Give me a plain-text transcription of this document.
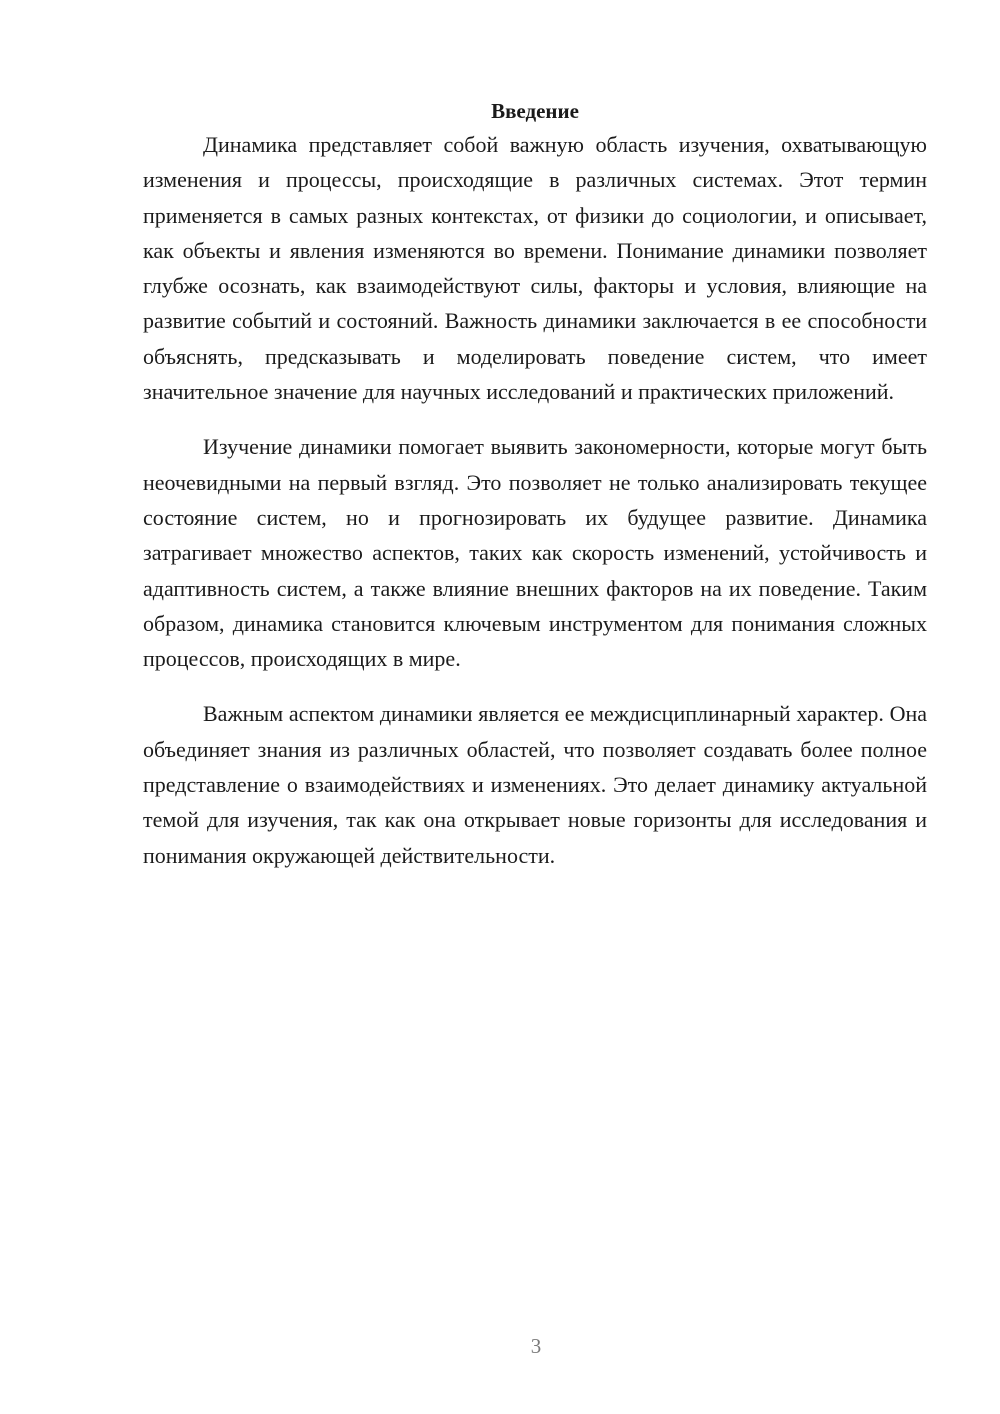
Введение

Динамика представляет собой важную область изучения, охватывающую изменения и процессы, происходящие в различных системах. Этот термин применяется в самых разных контекстах, от физики до социологии, и описывает, как объекты и явления изменяются во времени. Понимание динамики позволяет глубже осознать, как взаимодействуют силы, факторы и условия, влияющие на развитие событий и состояний. Важность динамики заключается в ее способности объяснять, предсказывать и моделировать поведение систем, что имеет значительное значение для научных исследований и практических приложений.

Изучение динамики помогает выявить закономерности, которые могут быть неочевидными на первый взгляд. Это позволяет не только анализировать текущее состояние систем, но и прогнозировать их будущее развитие. Динамика затрагивает множество аспектов, таких как скорость изменений, устойчивость и адаптивность систем, а также влияние внешних факторов на их поведение. Таким образом, динамика становится ключевым инструментом для понимания сложных процессов, происходящих в мире.

Важным аспектом динамики является ее междисциплинарный характер. Она объединяет знания из различных областей, что позволяет создавать более полное представление о взаимодействиях и изменениях. Это делает динамику актуальной темой для изучения, так как она открывает новые горизонты для исследования и понимания окружающей действительности.

3
